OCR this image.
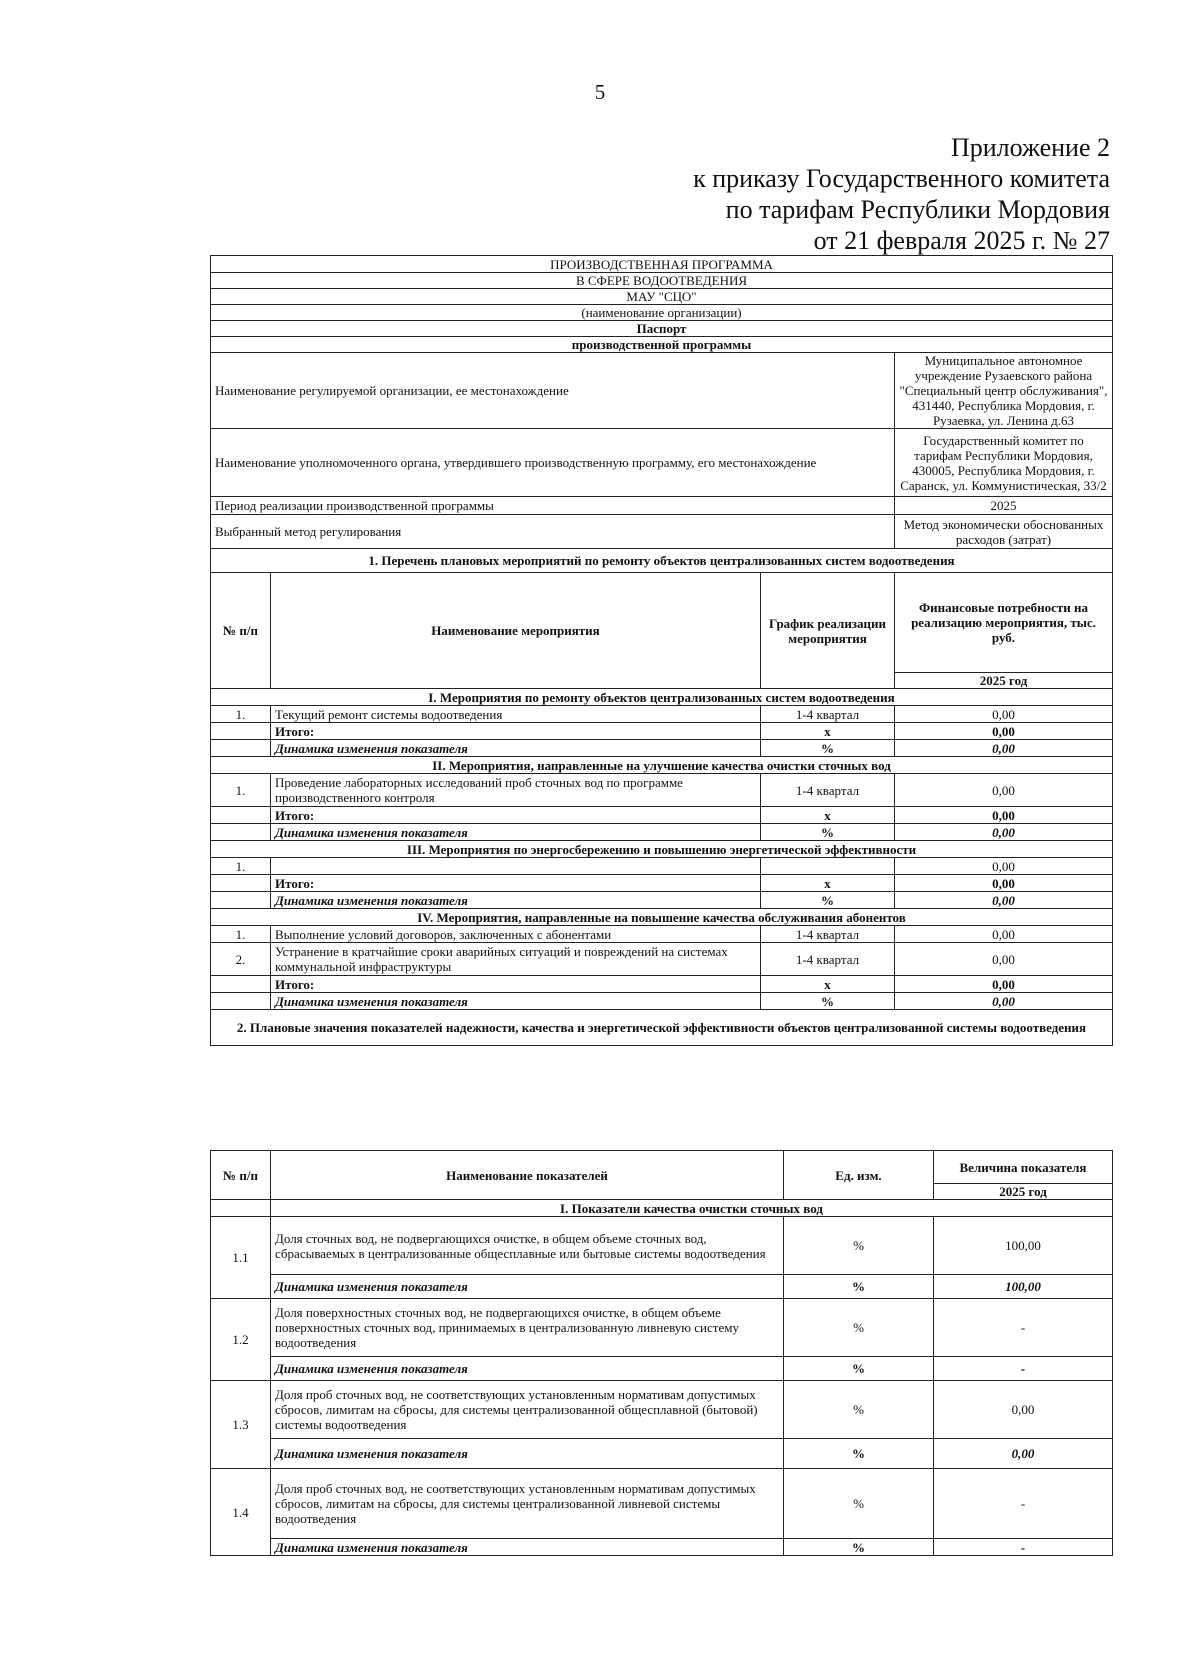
5
Приложение 2
к приказу Государственного комитета
по тарифам Республики Мордовия
от 21 февраля 2025 г. № 27
ПРОИЗВОДСТВЕННАЯ ПРОГРАММА			
В СФЕРЕ ВОДООТВЕДЕНИЯ			
МАУ "СЦО"			
(наименование организации)			
Паспорт			
производственной программы			
Наименование регулируемой организации, ее местонахождение			Муниципальное автономное учреждение Рузаевского района "Специальный центр обслуживания", 431440, Республика Мордовия, г. Рузаевка, ул. Ленина д.63
Наименование уполномоченного органа, утвердившего производственную программу, его местонахождение			Государственный комитет по тарифам Республики Мордовия, 430005, Республика Мордовия, г. Саранск, ул. Коммунистическая, 33/2
Период реализации производственной программы			2025
Выбранный метод регулирования			Метод экономически обоснованных расходов (затрат)
1. Перечень плановых мероприятий по ремонту объектов централизованных систем водоотведения			
№ п/п	Наименование мероприятия	График реализации мероприятия	Финансовые потребности на реализацию мероприятия, тыс. руб.
			2025 год
I. Мероприятия по ремонту объектов централизованных систем водоотведения			
1.	Текущий ремонт системы водоотведения	1-4 квартал	0,00
	Итого:	х	0,00
	Динамика изменения показателя	%	0,00
II. Мероприятия, направленные на улучшение качества очистки сточных вод			
1.	Проведение лабораторных исследований проб сточных вод по программе производственного контроля	1-4 квартал	0,00
	Итого:	х	0,00
	Динамика изменения показателя	%	0,00
III. Мероприятия по энергосбережению и повышению энергетической эффективности			
1.			0,00
	Итого:	х	0,00
	Динамика изменения показателя	%	0,00
IV. Мероприятия, направленные на повышение качества обслуживания абонентов			
1.	Выполнение условий договоров, заключенных с абонентами	1-4 квартал	0,00
2.	Устранение в кратчайшие сроки аварийных ситуаций и повреждений на системах коммунальной инфраструктуры	1-4 квартал	0,00
	Итого:	х	0,00
	Динамика изменения показателя	%	0,00
2. Плановые значения показателей надежности, качества и энергетической эффективности объектов централизованной системы водоотведения			
№ п/п	Наименование показателей	Ед. изм.	Величина показателя
			2025 год
	I. Показатели качества очистки сточных вод		
1.1	Доля сточных вод, не подвергающихся очистке, в общем объеме сточных вод, сбрасываемых в централизованные общесплавные или бытовые системы водоотведения	%	100,00
	Динамика изменения показателя	%	100,00
1.2	Доля поверхностных сточных вод, не подвергающихся очистке, в общем объеме поверхностных сточных вод, принимаемых в централизованную ливневую систему водоотведения	%	-
	Динамика изменения показателя	%	-
1.3	Доля проб сточных вод, не соответствующих установленным нормативам допустимых сбросов, лимитам на сбросы, для системы централизованной общесплавной (бытовой) системы водоотведения	%	0,00
	Динамика изменения показателя	%	0,00
1.4	Доля проб сточных вод, не соответствующих установленным нормативам допустимых сбросов, лимитам на сбросы, для системы централизованной ливневой системы водоотведения	%	-
	Динамика изменения показателя	%	-
